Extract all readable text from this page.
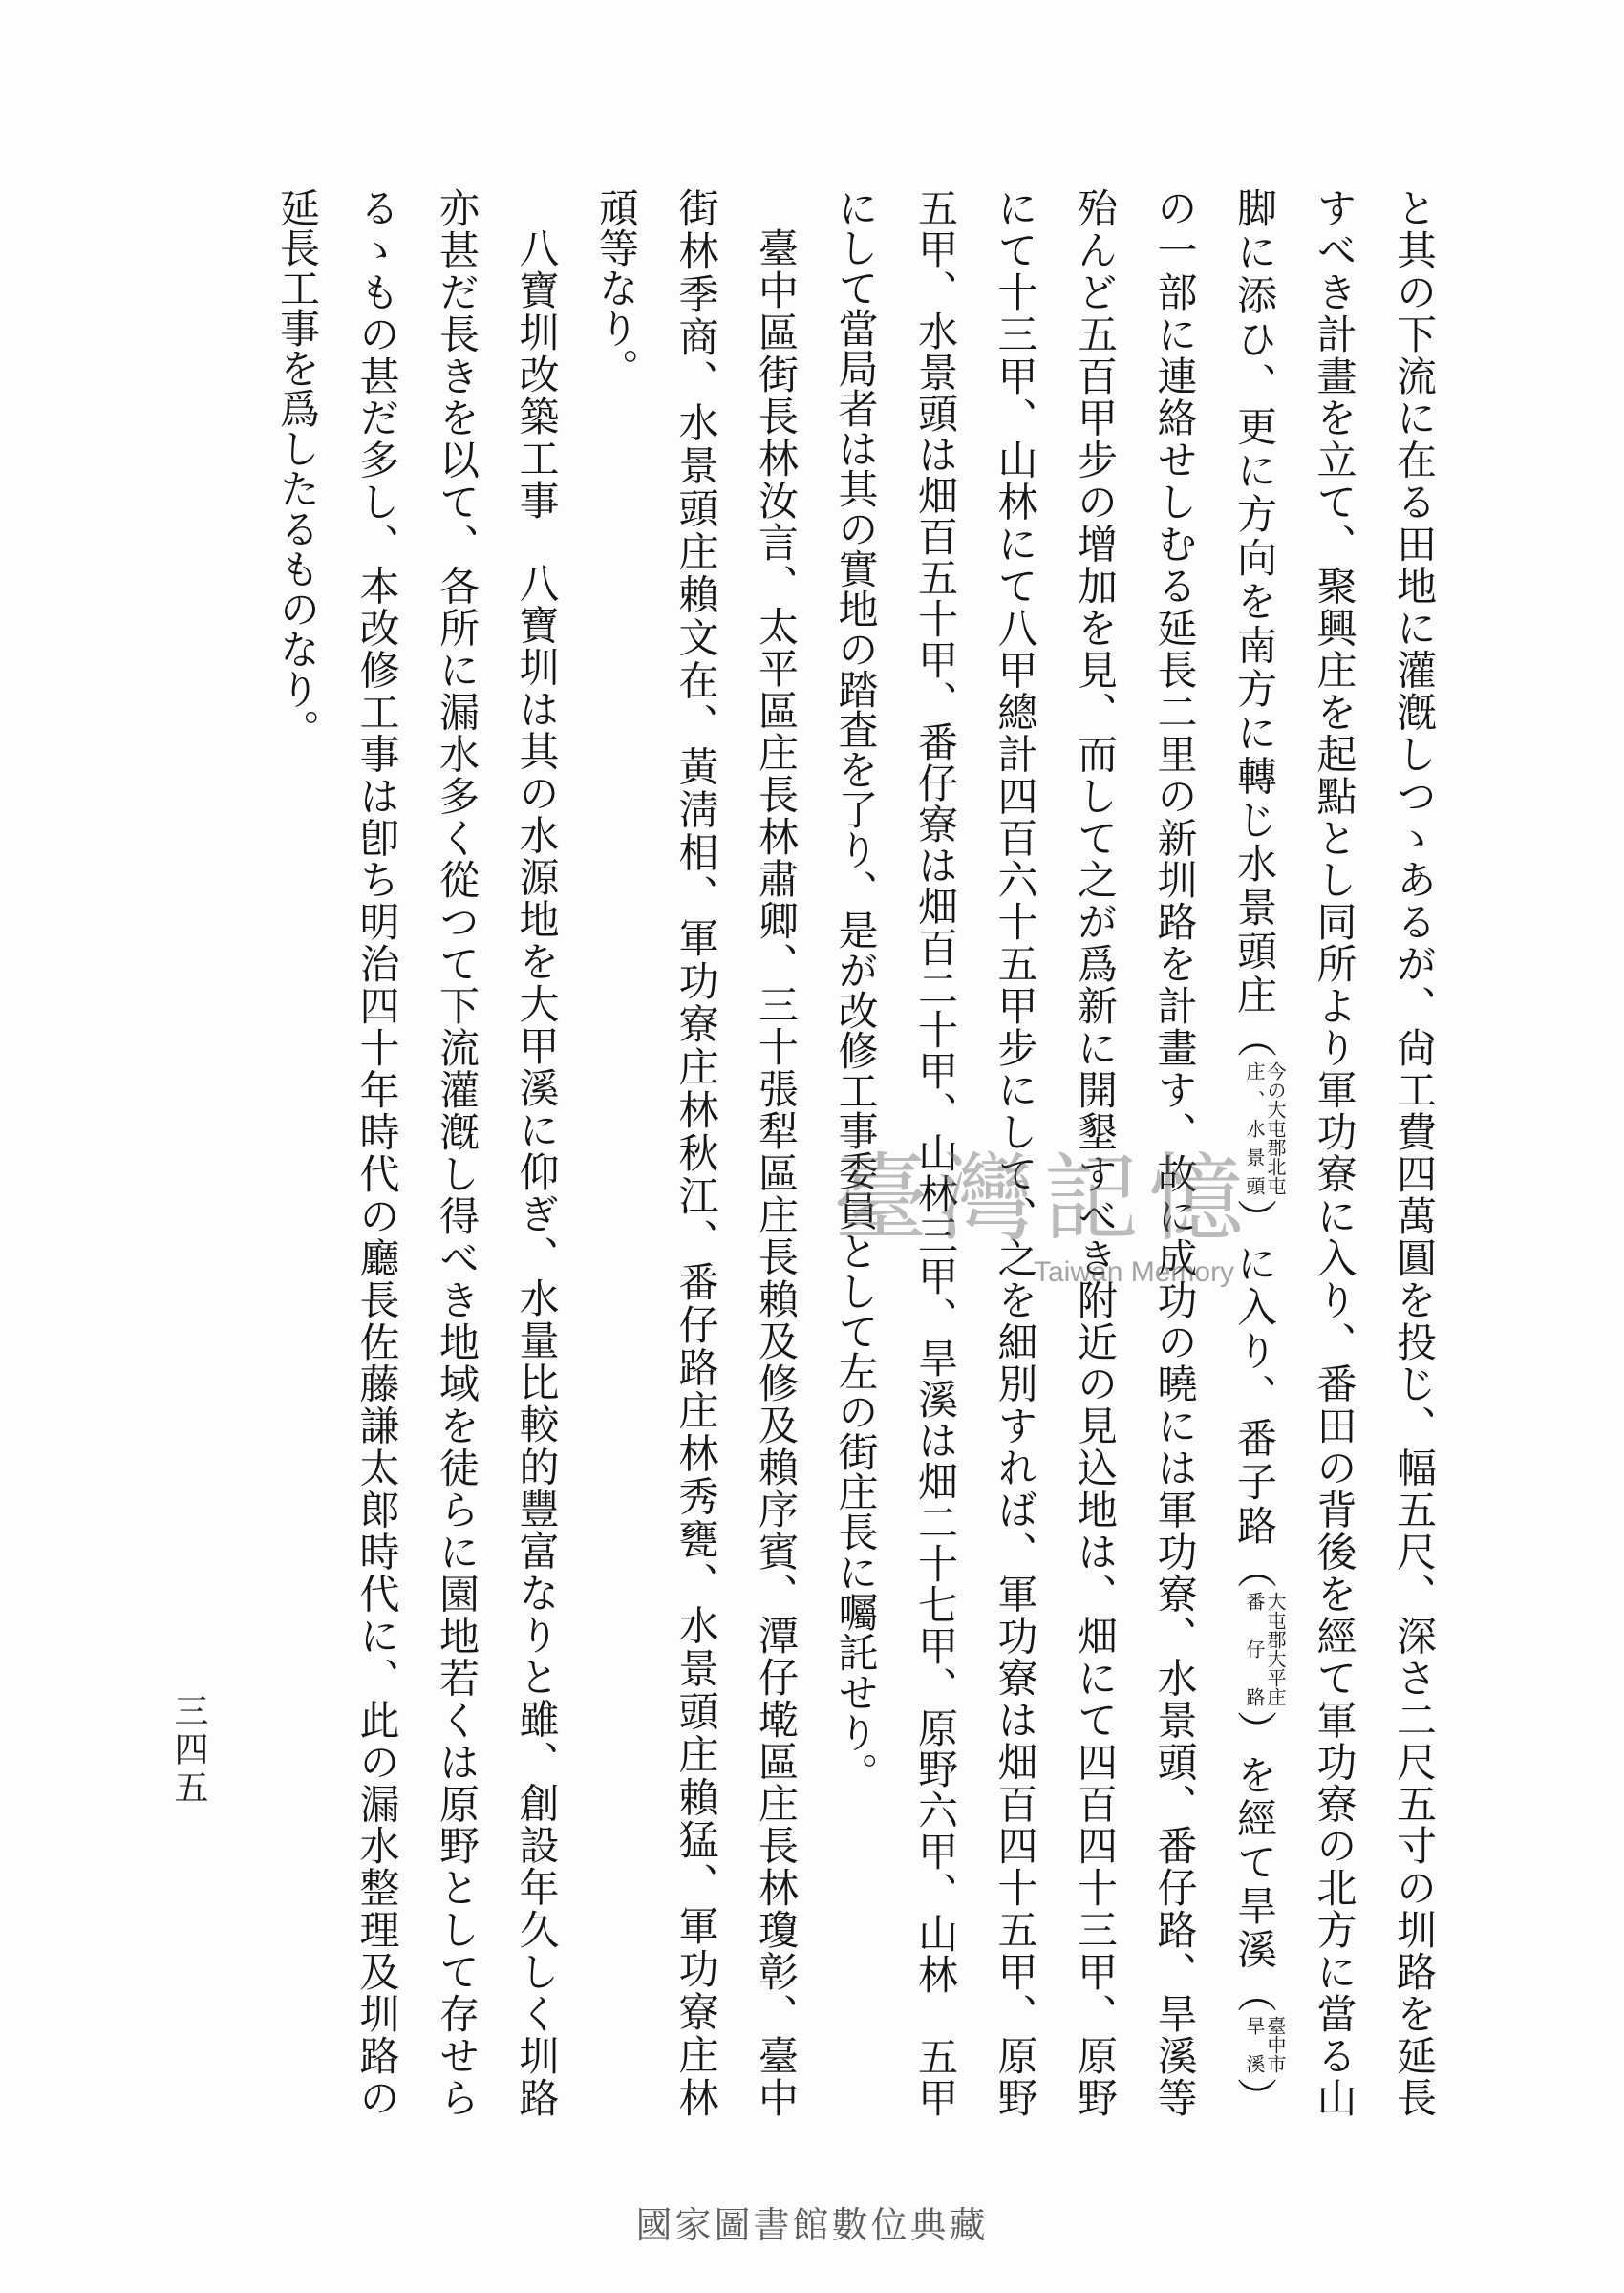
と其の下流に在る田地に灌漑しつゝあるが、尙工費四萬圓を投じ、幅五尺、深さ二尺五寸の圳路を延長
すべき計畫を立て、聚興庄を起點とし同所より軍功寮に入り、番田の背後を經て軍功寮の北方に當る山
脚に添ひ、更に方向を南方に轉じ水景頭庄（今の大屯郡北屯
庄、水景頭）に入り、番子路（大屯郡大平庄
番仔路）を經て旱溪（臺中市
旱溪）
の一部に連絡せしむる延長二里の新圳路を計畫す、故に成功の曉には軍功寮、水景頭、番仔路、旱溪等
殆んど五百甲步の增加を見、而して之が爲新に開墾すべき附近の見込地は、畑にて四百四十三甲、原野
にて十三甲、山林にて八甲總計四百六十五甲步にして、之を細別すれば、軍功寮は畑百四十五甲、原野
五甲、水景頭は畑百五十甲、番仔寮は畑百二十甲、山林三甲、旱溪は畑二十七甲、原野六甲、山林　五甲
にして當局者は其の實地の踏査を了り、是が改修工事委員として左の街庄長に囑託せり。
臺中區街長林汝言、太平區庄長林肅卿、三十張犁區庄長賴及修及賴序賓、潭仔墘區庄長林瓊彰、臺中
街林季商、水景頭庄賴文在、黃淸相、軍功寮庄林秋江、番仔路庄林秀甕、水景頭庄賴猛、軍功寮庄林
頑等なり。
八寶圳改築工事八寶圳は其の水源地を大甲溪に仰ぎ、水量比較的豐富なりと雖、創設年久しく圳路
亦甚だ長きを以て、各所に漏水多く從つて下流灌漑し得べき地域を徒らに園地若くは原野として存せら
るゝもの甚だ多し、本改修工事は卽ち明治四十年時代の廳長佐藤謙太郞時代に、此の漏水整理及圳路の
延長工事を爲したるものなり。
三四五
臺灣記憶
Taiwan Memory
國家圖書館數位典藏
